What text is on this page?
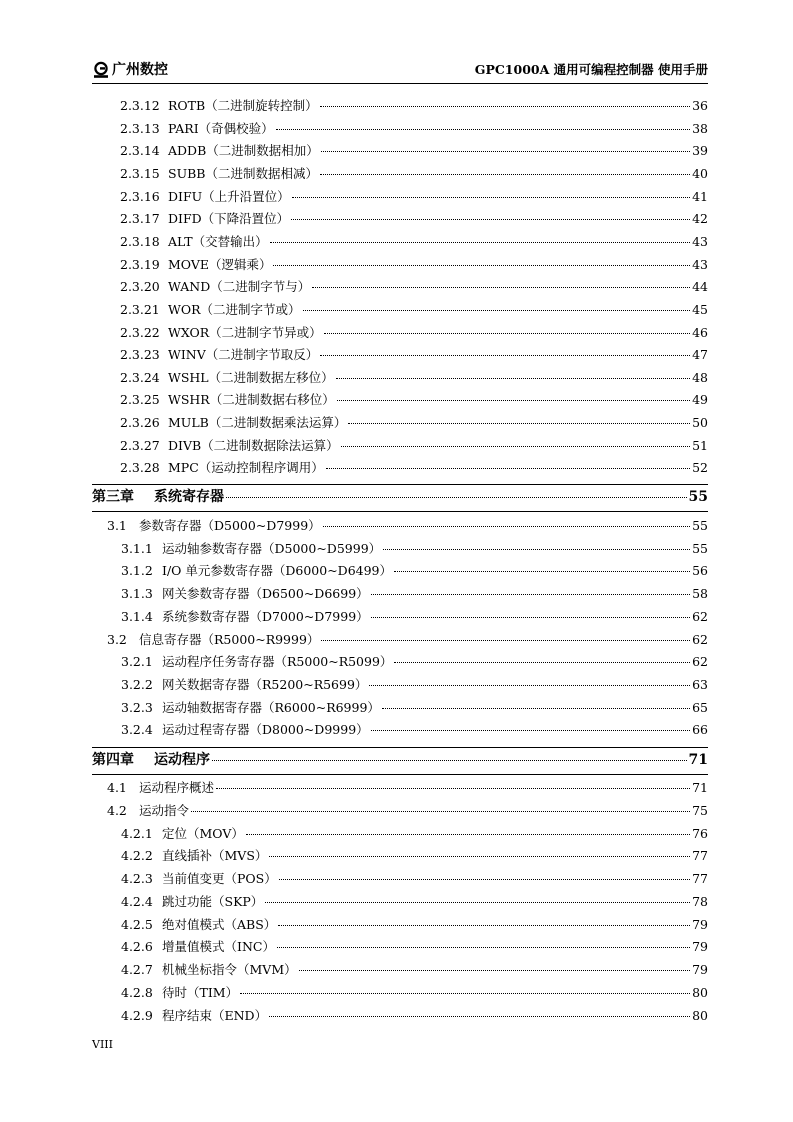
广州数控	GPC1000A 通用可编程控制器 使用手册
2.3.12 ROTB（二进制旋转控制）	36
2.3.13 PARI（奇偶校验）	38
2.3.14 ADDB（二进制数据相加）	39
2.3.15 SUBB（二进制数据相减）	40
2.3.16 DIFU（上升沿置位）	41
2.3.17 DIFD（下降沿置位）	42
2.3.18 ALT（交替输出）	43
2.3.19 MOVE（逻辑乘）	43
2.3.20 WAND（二进制字节与）	44
2.3.21 WOR（二进制字节或）	45
2.3.22 WXOR（二进制字节异或）	46
2.3.23 WINV（二进制字节取反）	47
2.3.24 WSHL（二进制数据左移位）	48
2.3.25 WSHR（二进制数据右移位）	49
2.3.26 MULB（二进制数据乘法运算）	50
2.3.27 DIVB（二进制数据除法运算）	51
2.3.28 MPC（运动控制程序调用）	52
第三章	系统寄存器	55
3.1 参数寄存器（D5000~D7999）	55
3.1.1 运动轴参数寄存器（D5000~D5999）	55
3.1.2 I/O 单元参数寄存器（D6000~D6499）	56
3.1.3 网关参数寄存器（D6500~D6699）	58
3.1.4 系统参数寄存器（D7000~D7999）	62
3.2 信息寄存器（R5000~R9999）	62
3.2.1 运动程序任务寄存器（R5000~R5099）	62
3.2.2 网关数据寄存器（R5200~R5699）	63
3.2.3 运动轴数据寄存器（R6000~R6999）	65
3.2.4 运动过程寄存器（D8000~D9999）	66
第四章	运动程序	71
4.1 运动程序概述	71
4.2 运动指令	75
4.2.1 定位（MOV）	76
4.2.2 直线插补（MVS）	77
4.2.3 当前值变更（POS）	77
4.2.4 跳过功能（SKP）	78
4.2.5 绝对值模式（ABS）	79
4.2.6 增量值模式（INC）	79
4.2.7 机械坐标指令（MVM）	79
4.2.8 待时（TIM）	80
4.2.9 程序结束（END）	80
VIII
